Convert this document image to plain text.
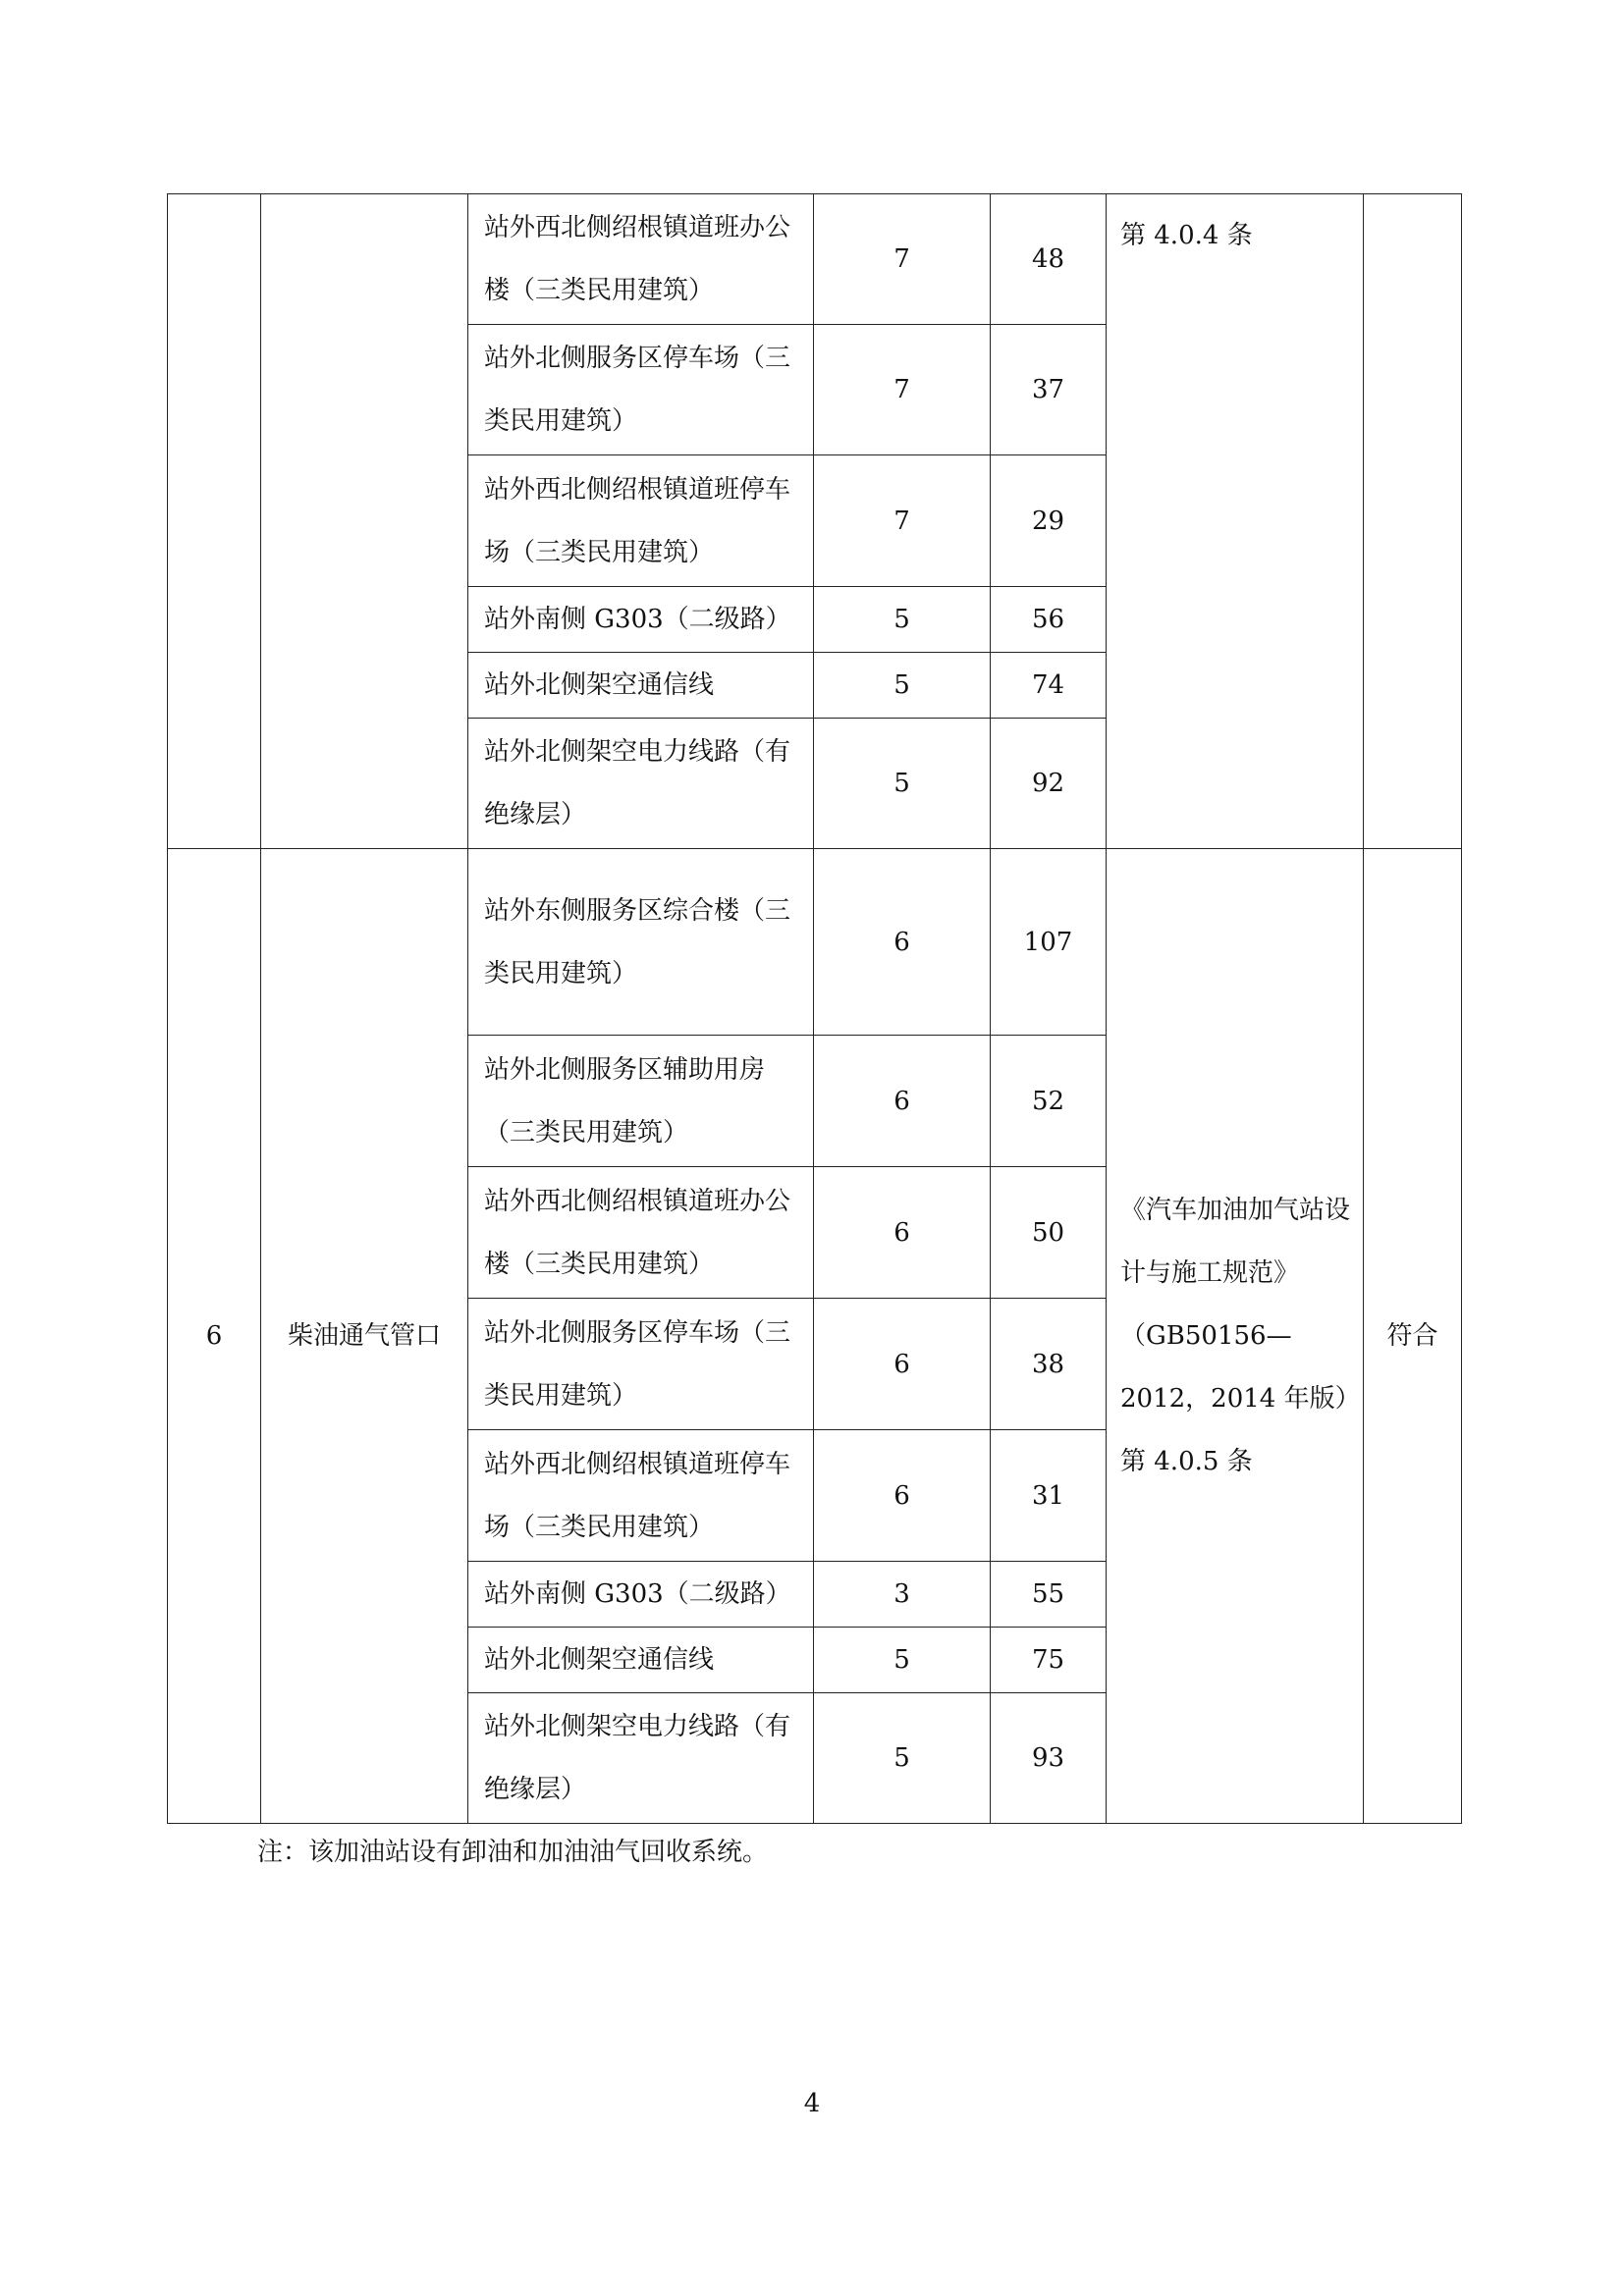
		站外西北侧绍根镇道班办公楼（三类民用建筑）	7	48	第 4.0.4 条	
		站外北侧服务区停车场（三类民用建筑）	7	37		
		站外西北侧绍根镇道班停车场（三类民用建筑）	7	29		
		站外南侧 G303（二级路）	5	56		
		站外北侧架空通信线	5	74		
		站外北侧架空电力线路（有绝缘层）	5	92		
6	柴油通气管口	站外东侧服务区综合楼（三类民用建筑）	6	107	《汽车加油加气站设计与施工规范》（GB50156—2012，2014 年版）第 4.0.5 条	符合
		站外北侧服务区辅助用房（三类民用建筑）	6	52		
		站外西北侧绍根镇道班办公楼（三类民用建筑）	6	50		
		站外北侧服务区停车场（三类民用建筑）	6	38		
		站外西北侧绍根镇道班停车场（三类民用建筑）	6	31		
		站外南侧 G303（二级路）	3	55		
		站外北侧架空通信线	5	75		
		站外北侧架空电力线路（有绝缘层）	5	93		
注：该加油站设有卸油和加油油气回收系统。
4
